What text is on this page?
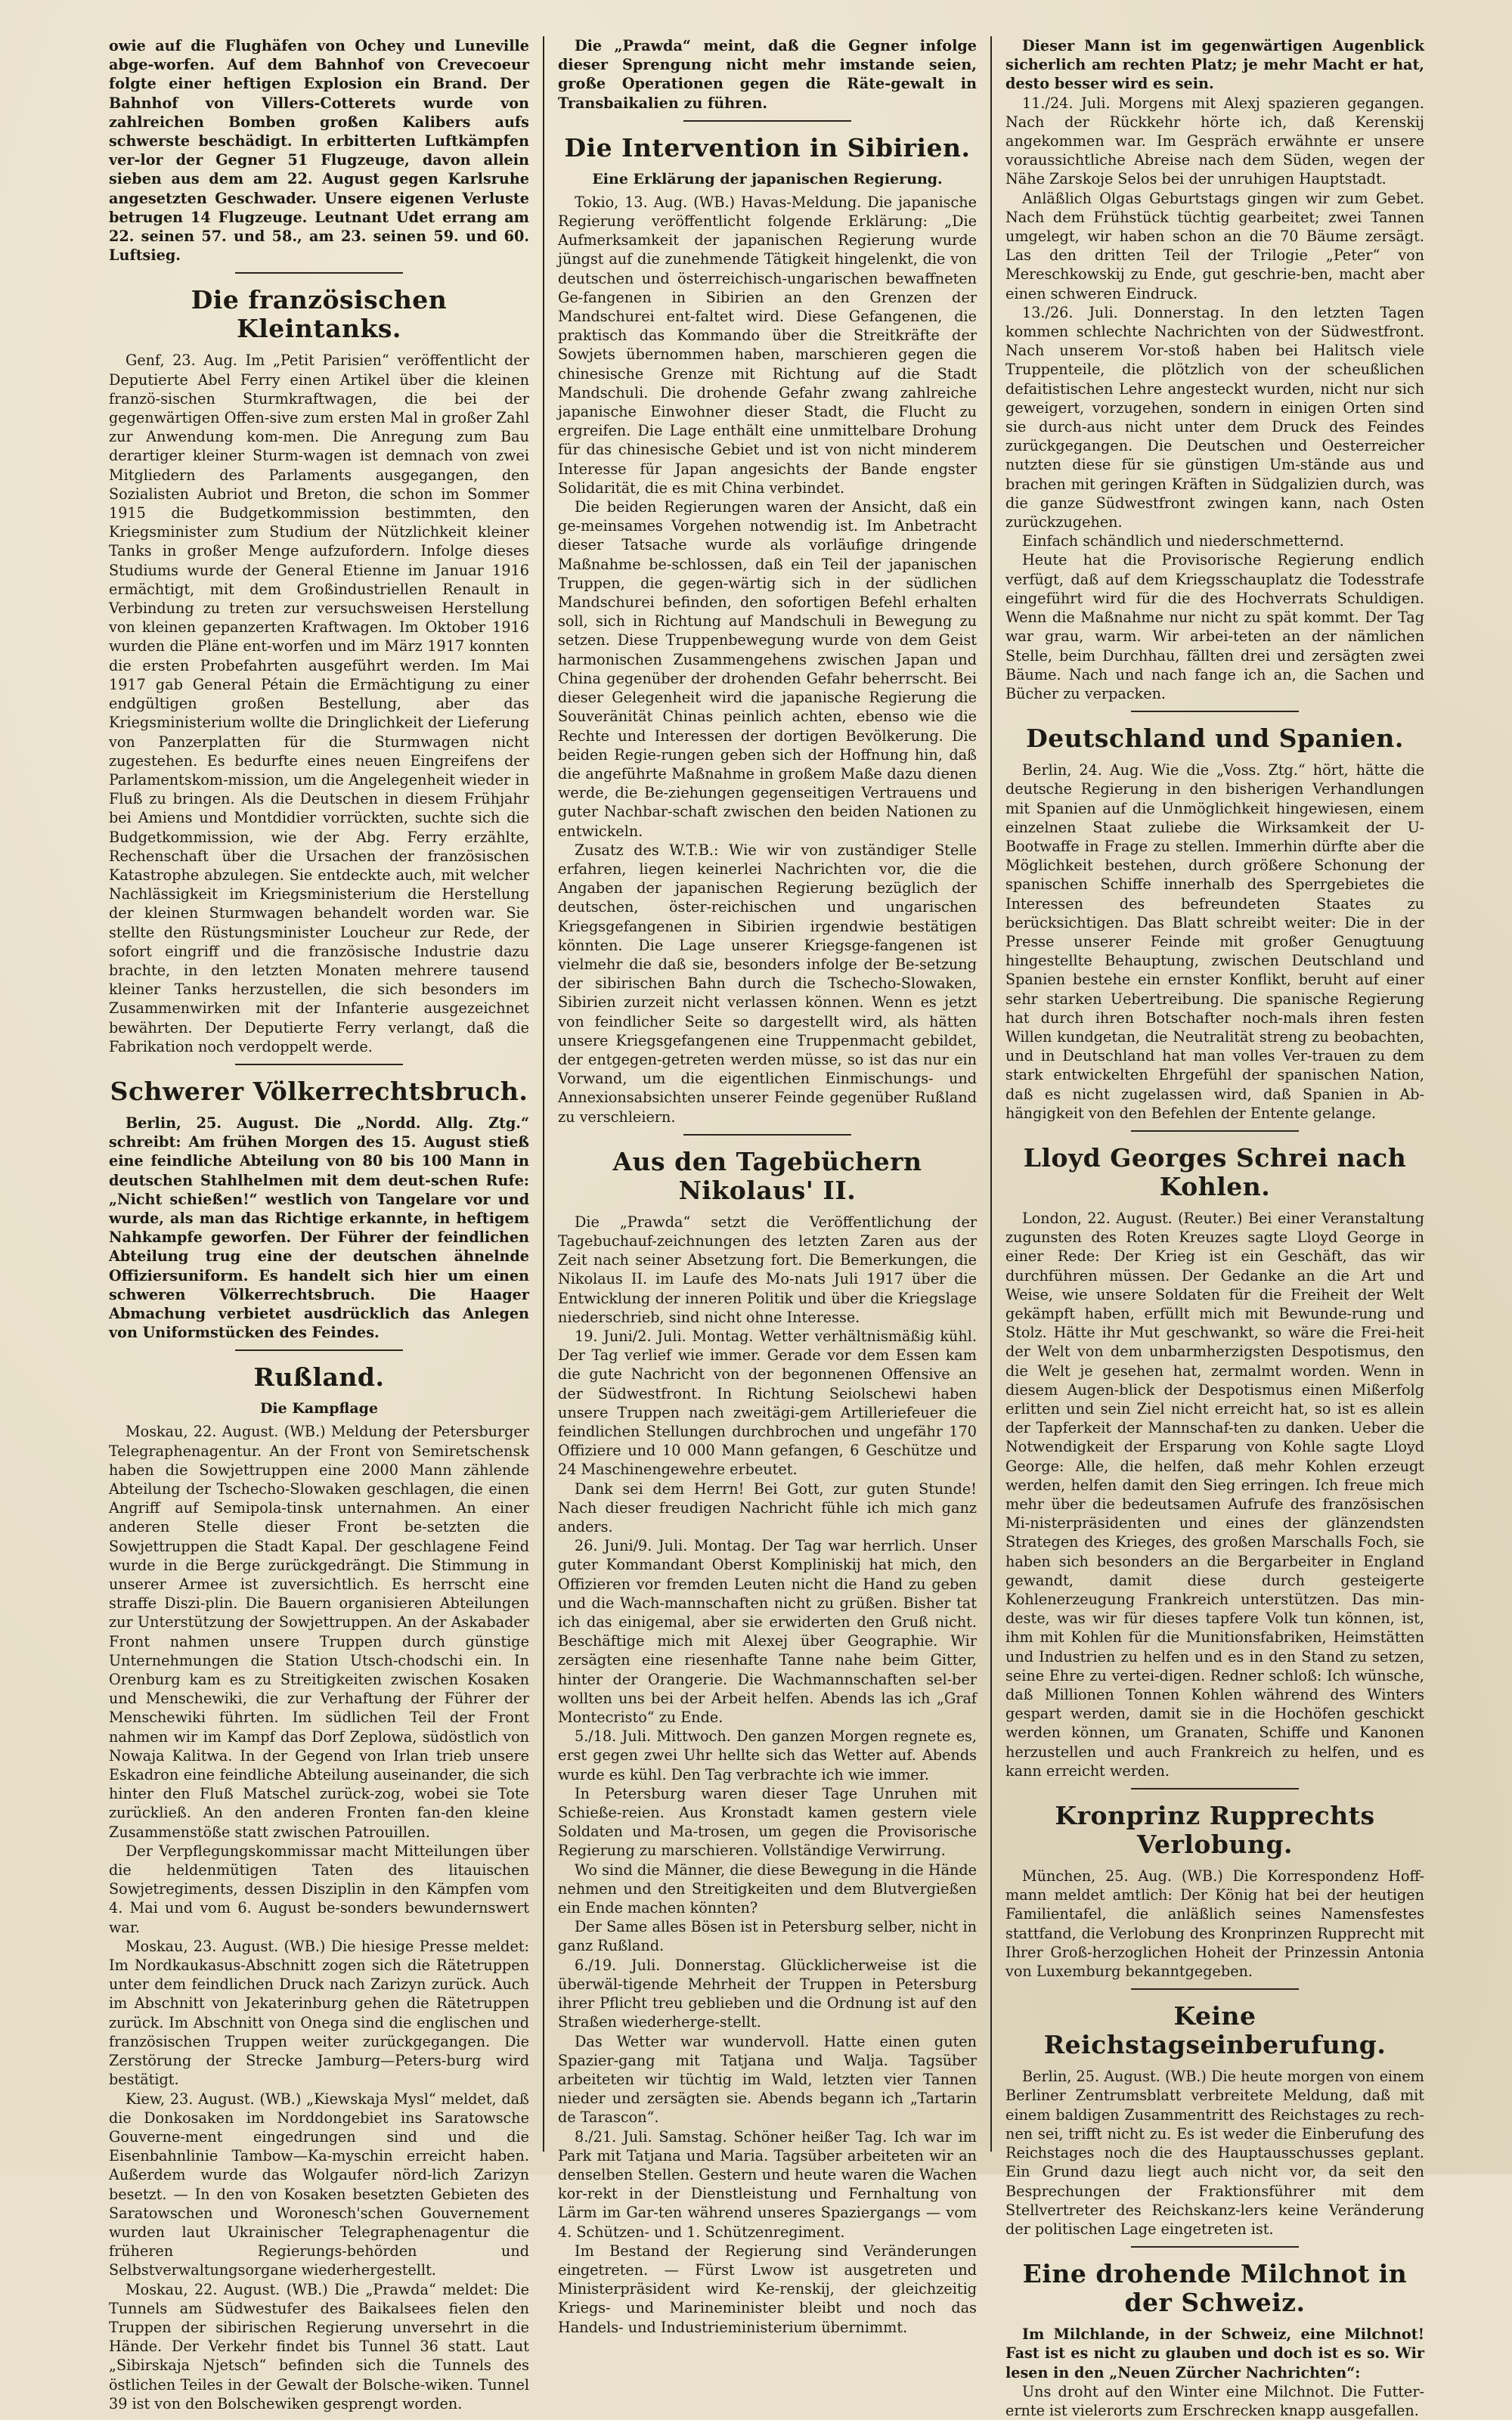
owie auf die Flughäfen von Ochey und Luneville abge-worfen. Auf dem Bahnhof von Crevecoeur folgte einer heftigen Explosion ein Brand. Der Bahnhof von Villers-Cotterets wurde von zahlreichen Bomben großen Kalibers aufs schwerste beschädigt. In erbitterten Luftkämpfen ver-lor der Gegner 51 Flugzeuge, davon allein sieben aus dem am 22. August gegen Karlsruhe angesetzten Geschwader. Unsere eigenen Verluste betrugen 14 Flugzeuge. Leutnant Udet errang am 22. seinen 57. und 58., am 23. seinen 59. und 60. Luftsieg.

Die französischen Kleintanks.

Genf, 23. Aug. Im „Petit Parisien“ veröffentlicht der Deputierte Abel Ferry einen Artikel über die kleinen franzö-sischen Sturmkraftwagen, die bei der gegenwärtigen Offen-sive zum ersten Mal in großer Zahl zur Anwendung kom-men. Die Anregung zum Bau derartiger kleiner Sturm-wagen ist demnach von zwei Mitgliedern des Parlaments ausgegangen, den Sozialisten Aubriot und Breton, die schon im Sommer 1915 die Budgetkommission bestimmten, den Kriegsminister zum Studium der Nützlichkeit kleiner Tanks in großer Menge aufzufordern. Infolge dieses Studiums wurde der General Etienne im Januar 1916 ermächtigt, mit dem Großindustriellen Renault in Verbindung zu treten zur versuchsweisen Herstellung von kleinen gepanzerten Kraftwagen. Im Oktober 1916 wurden die Pläne ent-worfen und im März 1917 konnten die ersten Probefahrten ausgeführt werden. Im Mai 1917 gab General Pétain die Ermächtigung zu einer endgültigen großen Bestellung, aber das Kriegsministerium wollte die Dringlichkeit der Lieferung von Panzerplatten für die Sturmwagen nicht zugestehen. Es bedurfte eines neuen Eingreifens der Parlamentskom-mission, um die Angelegenheit wieder in Fluß zu bringen. Als die Deutschen in diesem Frühjahr bei Amiens und Montdidier vorrückten, suchte sich die Budgetkommission, wie der Abg. Ferry erzählte, Rechenschaft über die Ursachen der französischen Katastrophe abzulegen. Sie entdeckte auch, mit welcher Nachlässigkeit im Kriegsministerium die Herstellung der kleinen Sturmwagen behandelt worden war. Sie stellte den Rüstungsminister Loucheur zur Rede, der sofort eingriff und die französische Industrie dazu brachte, in den letzten Monaten mehrere tausend kleiner Tanks herzustellen, die sich besonders im Zusammenwirken mit der Infanterie ausgezeichnet bewährten. Der Deputierte Ferry verlangt, daß die Fabrikation noch verdoppelt werde.

Schwerer Völkerrechtsbruch.

Berlin, 25. August. Die „Nordd. Allg. Ztg.“ schreibt: Am frühen Morgen des 15. August stieß eine feindliche Abteilung von 80 bis 100 Mann in deutschen Stahlhelmen mit dem deut-schen Rufe: „Nicht schießen!“ westlich von Tangelare vor und wurde, als man das Richtige erkannte, in heftigem Nahkampfe geworfen. Der Führer der feindlichen Abteilung trug eine der deutschen ähnelnde Offiziersuniform. Es handelt sich hier um einen schweren Völkerrechtsbruch. Die Haager Abmachung verbietet ausdrücklich das Anlegen von Uniformstücken des Feindes.

Rußland.
Die Kampflage

Moskau, 22. August. (WB.) Meldung der Petersburger Telegraphenagentur. An der Front von Semiretschensk haben die Sowjettruppen eine 2000 Mann zählende Abteilung der Tschecho-Slowaken geschlagen, die einen Angriff auf Semipola-tinsk unternahmen. An einer anderen Stelle dieser Front be-setzten die Sowjettruppen die Stadt Kapal. Der geschlagene Feind wurde in die Berge zurückgedrängt. Die Stimmung in unserer Armee ist zuversichtlich. Es herrscht eine straffe Diszi-plin. Die Bauern organisieren Abteilungen zur Unterstützung der Sowjettruppen. An der Askabader Front nahmen unsere Truppen durch günstige Unternehmungen die Station Utsch-chodschi ein. In Orenburg kam es zu Streitigkeiten zwischen Kosaken und Menschewiki, die zur Verhaftung der Führer der Menschewiki führten. Im südlichen Teil der Front nahmen wir im Kampf das Dorf Zeplowa, südöstlich von Nowaja Kalitwa. In der Gegend von Irlan trieb unsere Eskadron eine feindliche Abteilung auseinander, die sich hinter den Fluß Matschel zurück-zog, wobei sie Tote zurückließ. An den anderen Fronten fan-den kleine Zusammenstöße statt zwischen Patrouillen.

Der Verpflegungskommissar macht Mitteilungen über die heldenmütigen Taten des litauischen Sowjetregiments, dessen Disziplin in den Kämpfen vom 4. Mai und vom 6. August be-sonders bewundernswert war.

Moskau, 23. August. (WB.) Die hiesige Presse meldet: Im Nordkaukasus-Abschnitt zogen sich die Rätetruppen unter dem feindlichen Druck nach Zarizyn zurück. Auch im Abschnitt von Jekaterinburg gehen die Rätetruppen zurück. Im Abschnitt von Onega sind die englischen und französischen Truppen weiter zurückgegangen. Die Zerstörung der Strecke Jamburg—Peters-burg wird bestätigt.

Kiew, 23. August. (WB.) „Kiewskaja Mysl“ meldet, daß die Donkosaken im Norddongebiet ins Saratowsche Gouverne-ment eingedrungen sind und die Eisenbahnlinie Tambow—Ka-myschin erreicht haben. Außerdem wurde das Wolgaufer nörd-lich Zarizyn besetzt. — In den von Kosaken besetzten Gebieten des Saratowschen und Woronesch'schen Gouvernement wurden laut Ukrainischer Telegraphenagentur die früheren Regierungs-behörden und Selbstverwaltungsorgane wiederhergestellt.

Moskau, 22. August. (WB.) Die „Prawda“ meldet: Die Tunnels am Südwestufer des Baikalsees fielen den Truppen der sibirischen Regierung unversehrt in die Hände. Der Verkehr findet bis Tunnel 36 statt. Laut „Sibirskaja Njetsch“ befinden sich die Tunnels des östlichen Teiles in der Gewalt der Bolsche-wiken. Tunnel 39 ist von den Bolschewiken gesprengt worden.

Die „Prawda“ meint, daß die Gegner infolge dieser Sprengung nicht mehr imstande seien, große Operationen gegen die Räte-gewalt in Transbaikalien zu führen.

Die Intervention in Sibirien.
Eine Erklärung der japanischen Regierung.

Tokio, 13. Aug. (WB.) Havas-Meldung. Die japanische Regierung veröffentlicht folgende Erklärung: „Die Aufmerksamkeit der japanischen Regierung wurde jüngst auf die zunehmende Tätigkeit hingelenkt, die von deutschen und österreichisch-ungarischen bewaffneten Ge-fangenen in Sibirien an den Grenzen der Mandschurei ent-faltet wird. Diese Gefangenen, die praktisch das Kommando über die Streitkräfte der Sowjets übernommen haben, marschieren gegen die chinesische Grenze mit Richtung auf die Stadt Mandschuli. Die drohende Gefahr zwang zahlreiche japanische Einwohner dieser Stadt, die Flucht zu ergreifen. Die Lage enthält eine unmittelbare Drohung für das chinesische Gebiet und ist von nicht minderem Interesse für Japan angesichts der Bande engster Solidarität, die es mit China verbindet.

Die beiden Regierungen waren der Ansicht, daß ein ge-meinsames Vorgehen notwendig ist. Im Anbetracht dieser Tatsache wurde als vorläufige dringende Maßnahme be-schlossen, daß ein Teil der japanischen Truppen, die gegen-wärtig sich in der südlichen Mandschurei befinden, den sofortigen Befehl erhalten soll, sich in Richtung auf Mandschuli in Bewegung zu setzen. Diese Truppenbewegung wurde von dem Geist harmonischen Zusammengehens zwischen Japan und China gegenüber der drohenden Gefahr beherrscht. Bei dieser Gelegenheit wird die japanische Regierung die Souveränität Chinas peinlich achten, ebenso wie die Rechte und Interessen der dortigen Bevölkerung. Die beiden Regie-rungen geben sich der Hoffnung hin, daß die angeführte Maßnahme in großem Maße dazu dienen werde, die Be-ziehungen gegenseitigen Vertrauens und guter Nachbar-schaft zwischen den beiden Nationen zu entwickeln.

Zusatz des W.T.B.: Wie wir von zuständiger Stelle erfahren, liegen keinerlei Nachrichten vor, die die Angaben der japanischen Regierung bezüglich der deutschen, öster-reichischen und ungarischen Kriegsgefangenen in Sibirien irgendwie bestätigen könnten. Die Lage unserer Kriegsge-fangenen ist vielmehr die daß sie, besonders infolge der Be-setzung der sibirischen Bahn durch die Tschecho-Slowaken, Sibirien zurzeit nicht verlassen können. Wenn es jetzt von feindlicher Seite so dargestellt wird, als hätten unsere Kriegsgefangenen eine Truppenmacht gebildet, der entgegen-getreten werden müsse, so ist das nur ein Vorwand, um die eigentlichen Einmischungs- und Annexionsabsichten unserer Feinde gegenüber Rußland zu verschleiern.

Aus den Tagebüchern Nikolaus' II.

Die „Prawda“ setzt die Veröffentlichung der Tagebuchauf-zeichnungen des letzten Zaren aus der Zeit nach seiner Absetzung fort. Die Bemerkungen, die Nikolaus II. im Laufe des Mo-nats Juli 1917 über die Entwicklung der inneren Politik und über die Kriegslage niederschrieb, sind nicht ohne Interesse.

19. Juni/2. Juli. Montag. Wetter verhältnismäßig kühl. Der Tag verlief wie immer. Gerade vor dem Essen kam die gute Nachricht von der begonnenen Offensive an der Südwestfront. In Richtung Seiolschewi haben unsere Truppen nach zweitägi-gem Artilleriefeuer die feindlichen Stellungen durchbrochen und ungefähr 170 Offiziere und 10 000 Mann gefangen, 6 Geschütze und 24 Maschinengewehre erbeutet.

Dank sei dem Herrn! Bei Gott, zur guten Stunde! Nach dieser freudigen Nachricht fühle ich mich ganz anders.

26. Juni/9. Juli. Montag. Der Tag war herrlich. Unser guter Kommandant Oberst Kompliniskij hat mich, den Offizieren vor fremden Leuten nicht die Hand zu geben und die Wach-mannschaften nicht zu grüßen. Bisher tat ich das einigemal, aber sie erwiderten den Gruß nicht. Beschäftige mich mit Alexej über Geographie. Wir zersägten eine riesenhafte Tanne nahe beim Gitter, hinter der Orangerie. Die Wachmannschaften sel-ber wollten uns bei der Arbeit helfen. Abends las ich „Graf Montecristo“ zu Ende.

5./18. Juli. Mittwoch. Den ganzen Morgen regnete es, erst gegen zwei Uhr hellte sich das Wetter auf. Abends wurde es kühl. Den Tag verbrachte ich wie immer.

In Petersburg waren dieser Tage Unruhen mit Schieße-reien. Aus Kronstadt kamen gestern viele Soldaten und Ma-trosen, um gegen die Provisorische Regierung zu marschieren. Vollständige Verwirrung.

Wo sind die Männer, die diese Bewegung in die Hände nehmen und den Streitigkeiten und dem Blutvergießen ein Ende machen könnten?

Der Same alles Bösen ist in Petersburg selber, nicht in ganz Rußland.

6./19. Juli. Donnerstag. Glücklicherweise ist die überwäl-tigende Mehrheit der Truppen in Petersburg ihrer Pflicht treu geblieben und die Ordnung ist auf den Straßen wiederherge-stellt.

Das Wetter war wundervoll. Hatte einen guten Spazier-gang mit Tatjana und Walja. Tagsüber arbeiteten wir tüchtig im Wald, letzten vier Tannen nieder und zersägten sie. Abends begann ich „Tartarin de Tarascon“.

8./21. Juli. Samstag. Schöner heißer Tag. Ich war im Park mit Tatjana und Maria. Tagsüber arbeiteten wir an denselben Stellen. Gestern und heute waren die Wachen kor-rekt in der Dienstleistung und Fernhaltung von Lärm im Gar-ten während unseres Spaziergangs — vom 4. Schützen- und 1. Schützenregiment.

Im Bestand der Regierung sind Veränderungen eingetreten. — Fürst Lwow ist ausgetreten und Ministerpräsident wird Ke-renskij, der gleichzeitig Kriegs- und Marineminister bleibt und noch das Handels- und Industrieministerium übernimmt.

Dieser Mann ist im gegenwärtigen Augenblick sicherlich am rechten Platz; je mehr Macht er hat, desto besser wird es sein.

11./24. Juli. Morgens mit Alexj spazieren gegangen. Nach der Rückkehr hörte ich, daß Kerenskij angekommen war. Im Gespräch erwähnte er unsere voraussichtliche Abreise nach dem Süden, wegen der Nähe Zarskoje Selos bei der unruhigen Hauptstadt.

Anläßlich Olgas Geburtstags gingen wir zum Gebet. Nach dem Frühstück tüchtig gearbeitet; zwei Tannen umgelegt, wir haben schon an die 70 Bäume zersägt. Las den dritten Teil der Trilogie „Peter“ von Mereschkowskij zu Ende, gut geschrie-ben, macht aber einen schweren Eindruck.

13./26. Juli. Donnerstag. In den letzten Tagen kommen schlechte Nachrichten von der Südwestfront. Nach unserem Vor-stoß haben bei Halitsch viele Truppenteile, die plötzlich von der scheußlichen defaitistischen Lehre angesteckt wurden, nicht nur sich geweigert, vorzugehen, sondern in einigen Orten sind sie durch-aus nicht unter dem Druck des Feindes zurückgegangen. Die Deutschen und Oesterreicher nutzten diese für sie günstigen Um-stände aus und brachen mit geringen Kräften in Südgalizien durch, was die ganze Südwestfront zwingen kann, nach Osten zurückzugehen.

Einfach schändlich und niederschmetternd.

Heute hat die Provisorische Regierung endlich verfügt, daß auf dem Kriegsschauplatz die Todesstrafe eingeführt wird für die des Hochverrats Schuldigen. Wenn die Maßnahme nur nicht zu spät kommt. Der Tag war grau, warm. Wir arbei-teten an der nämlichen Stelle, beim Durchhau, fällten drei und zersägten zwei Bäume. Nach und nach fange ich an, die Sachen und Bücher zu verpacken.

Deutschland und Spanien.

Berlin, 24. Aug. Wie die „Voss. Ztg.“ hört, hätte die deutsche Regierung in den bisherigen Verhandlungen mit Spanien auf die Unmöglichkeit hingewiesen, einem einzelnen Staat zuliebe die Wirksamkeit der U-Bootwaffe in Frage zu stellen. Immerhin dürfte aber die Möglichkeit bestehen, durch größere Schonung der spanischen Schiffe innerhalb des Sperrgebietes die Interessen des befreundeten Staates zu berücksichtigen. Das Blatt schreibt weiter: Die in der Presse unserer Feinde mit großer Genugtuung hingestellte Behauptung, zwischen Deutschland und Spanien bestehe ein ernster Konflikt, beruht auf einer sehr starken Uebertreibung. Die spanische Regierung hat durch ihren Botschafter noch-mals ihren festen Willen kundgetan, die Neutralität streng zu beobachten, und in Deutschland hat man volles Ver-trauen zu dem stark entwickelten Ehrgefühl der spanischen Nation, daß es nicht zugelassen wird, daß Spanien in Ab-hängigkeit von den Befehlen der Entente gelange.

Lloyd Georges Schrei nach Kohlen.

London, 22. August. (Reuter.) Bei einer Veranstaltung zugunsten des Roten Kreuzes sagte Lloyd George in einer Rede: Der Krieg ist ein Geschäft, das wir durchführen müssen. Der Gedanke an die Art und Weise, wie unsere Soldaten für die Freiheit der Welt gekämpft haben, erfüllt mich mit Bewunde-rung und Stolz. Hätte ihr Mut geschwankt, so wäre die Frei-heit der Welt von dem unbarmherzigsten Despotismus, den die Welt je gesehen hat, zermalmt worden. Wenn in diesem Augen-blick der Despotismus einen Mißerfolg erlitten und sein Ziel nicht erreicht hat, so ist es allein der Tapferkeit der Mannschaf-ten zu danken. Ueber die Notwendigkeit der Ersparung von Kohle sagte Lloyd George: Alle, die helfen, daß mehr Kohlen erzeugt werden, helfen damit den Sieg erringen. Ich freue mich mehr über die bedeutsamen Aufrufe des französischen Mi-nisterpräsidenten und eines der glänzendsten Strategen des Krieges, des großen Marschalls Foch, sie haben sich besonders an die Bergarbeiter in England gewandt, damit diese durch gesteigerte Kohlenerzeugung Frankreich unterstützen. Das min-deste, was wir für dieses tapfere Volk tun können, ist, ihm mit Kohlen für die Munitionsfabriken, Heimstätten und Industrien zu helfen und es in den Stand zu setzen, seine Ehre zu vertei-digen. Redner schloß: Ich wünsche, daß Millionen Tonnen Kohlen während des Winters gespart werden, damit sie in die Hochöfen geschickt werden können, um Granaten, Schiffe und Kanonen herzustellen und auch Frankreich zu helfen, und es kann erreicht werden.

Kronprinz Rupprechts Verlobung.

München, 25. Aug. (WB.) Die Korrespondenz Hoff-mann meldet amtlich: Der König hat bei der heutigen Familientafel, die anläßlich seines Namensfestes stattfand, die Verlobung des Kronprinzen Rupprecht mit Ihrer Groß-herzoglichen Hoheit der Prinzessin Antonia von Luxemburg bekanntgegeben.

Keine Reichstagseinberufung.

Berlin, 25. August. (WB.) Die heute morgen von einem Berliner Zentrumsblatt verbreitete Meldung, daß mit einem baldigen Zusammentritt des Reichstages zu rech-nen sei, trifft nicht zu. Es ist weder die Einberufung des Reichstages noch die des Hauptausschusses geplant. Ein Grund dazu liegt auch nicht vor, da seit den Besprechungen der Fraktionsführer mit dem Stellvertreter des Reichskanz-lers keine Veränderung der politischen Lage eingetreten ist.

Eine drohende Milchnot in der Schweiz.

Im Milchlande, in der Schweiz, eine Milchnot! Fast ist es nicht zu glauben und doch ist es so. Wir lesen in den „Neuen Zürcher Nachrichten“:

Uns droht auf den Winter eine Milchnot. Die Futter-ernte ist vielerorts zum Erschrecken knapp ausgefallen.
